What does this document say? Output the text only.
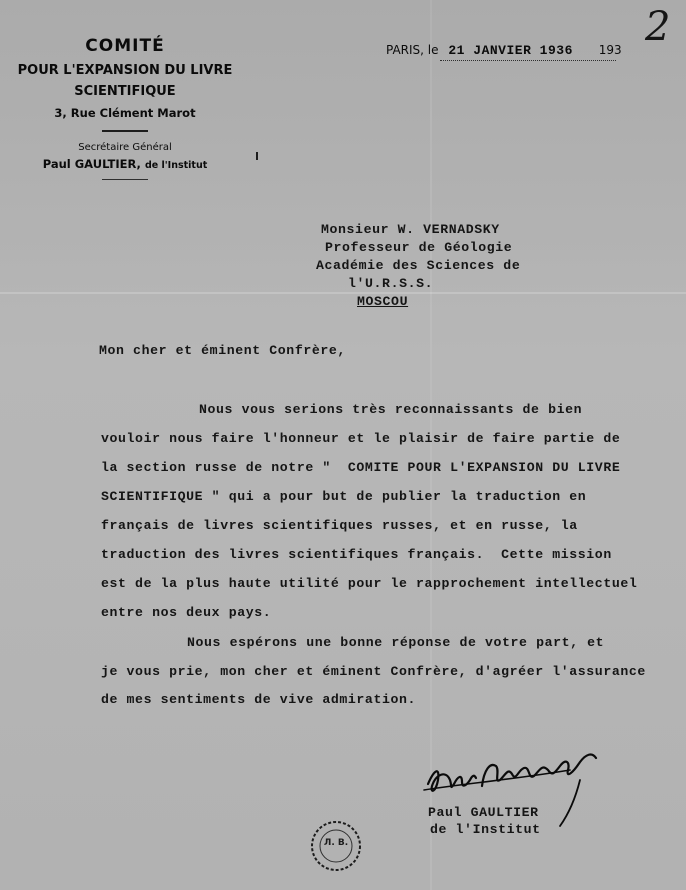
COMITÉ
POUR L'EXPANSION DU LIVRE
SCIENTIFIQUE
3, Rue Clément Marot
Secrétaire Général
Paul GAULTIER, de l'Institut
2
PARIS, le 21 JANVIER 1936 193
Monsieur W. VERNADSKY
Professeur de Géologie
Académie des Sciences de
l'U.R.S.S.
MOSCOU
Mon cher et éminent Confrère,
Nous vous serions très reconnaissants de bien
vouloir nous faire l'honneur et le plaisir de faire partie de
la section russe de notre "  COMITE POUR L'EXPANSION DU LIVRE
SCIENTIFIQUE " qui a pour but de publier la traduction en
français de livres scientifiques russes, et en russe, la
traduction des livres scientifiques français.  Cette mission
est de la plus haute utilité pour le rapprochement intellectuel
entre nos deux pays.
Nous espérons une bonne réponse de votre part, et
je vous prie, mon cher et éminent Confrère, d'agréer l'assurance
de mes sentiments de vive admiration.
Paul GAULTIER
de l'Institut
Л. В.
